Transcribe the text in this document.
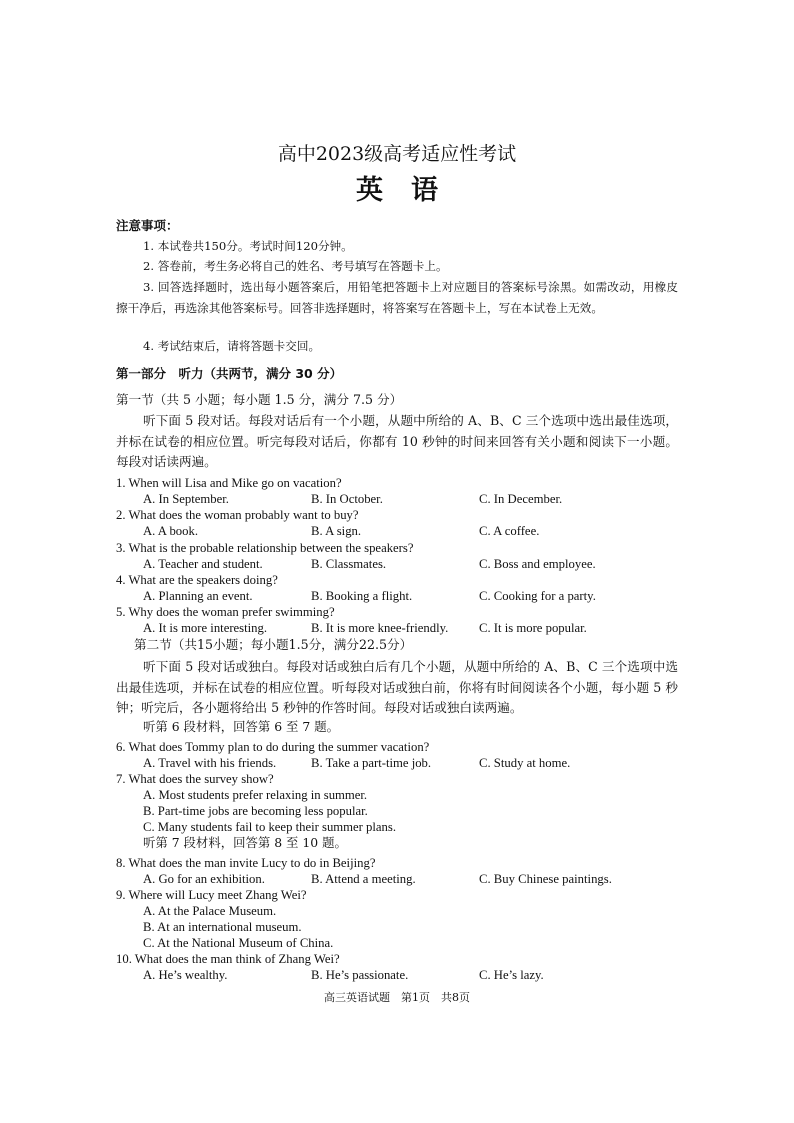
高中2023级高考适应性考试
英语
注意事项：
1. 本试卷共150分。考试时间120分钟。
2. 答卷前，考生务必将自己的姓名、考号填写在答题卡上。
3. 回答选择题时，选出每小题答案后，用铅笔把答题卡上对应题目的答案标号涂黑。如需改动，用橡皮擦干净后，再选涂其他答案标号。回答非选择题时，将答案写在答题卡上，写在本试卷上无效。
4. 考试结束后，请将答题卡交回。
第一部分　听力（共两节，满分 30 分）
第一节（共 5 小题；每小题 1.5 分，满分 7.5 分）
听下面 5 段对话。每段对话后有一个小题，从题中所给的 A、B、C 三个选项中选出最佳选项，并标在试卷的相应位置。听完每段对话后，你都有 10 秒钟的时间来回答有关小题和阅读下一小题。每段对话读两遍。
1. When will Lisa and Mike go on vacation?
A. In September.	B. In October.	C. In December.
2. What does the woman probably want to buy?
A. A book.	B. A sign.	C. A coffee.
3. What is the probable relationship between the speakers?
A. Teacher and student.	B. Classmates.	C. Boss and employee.
4. What are the speakers doing?
A. Planning an event.	B. Booking a flight.	C. Cooking for a party.
5. Why does the woman prefer swimming?
A. It is more interesting.	B. It is more knee-friendly. C. It is more popular.
第二节（共15小题；每小题1.5分，满分22.5分）
听下面 5 段对话或独白。每段对话或独白后有几个小题，从题中所给的 A、B、C 三个选项中选出最佳选项，并标在试卷的相应位置。听每段对话或独白前，你将有时间阅读各个小题，每小题 5 秒钟；听完后，各小题将给出 5 秒钟的作答时间。每段对话或独白读两遍。
听第 6 段材料，回答第 6 至 7 题。
6. What does Tommy plan to do during the summer vacation?
A. Travel with his friends.	B. Take a part-time job.	C. Study at home.
7. What does the survey show?
A. Most students prefer relaxing in summer.
B. Part-time jobs are becoming less popular.
C. Many students fail to keep their summer plans.
听第 7 段材料，回答第 8 至 10 题。
8. What does the man invite Lucy to do in Beijing?
A. Go for an exhibition.	B. Attend a meeting.	C. Buy Chinese paintings.
9. Where will Lucy meet Zhang Wei?
A. At the Palace Museum.
B. At an international museum.
C. At the National Museum of China.
10. What does the man think of Zhang Wei?
A. He’s wealthy.	B. He’s passionate.	C. He’s lazy.
高三英语试题　第1页　共8页
